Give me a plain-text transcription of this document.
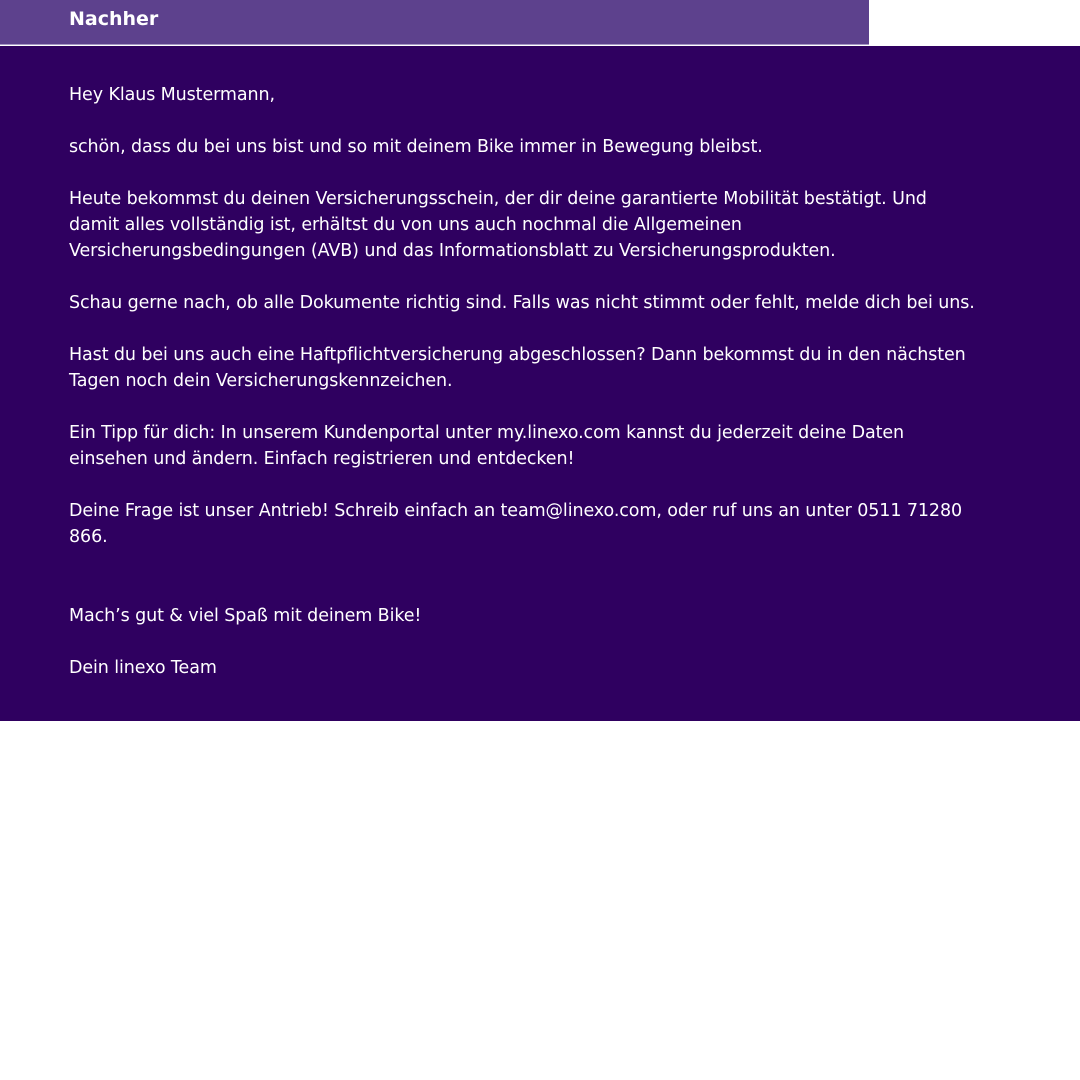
Nachher

Hey Klaus Mustermann,

schön, dass du bei uns bist und so mit deinem Bike immer in Bewegung bleibst.

Heute bekommst du deinen Versicherungsschein, der dir deine garantierte Mobilität bestätigt. Und damit alles vollständig ist, erhältst du von uns auch nochmal die Allgemeinen Versicherungsbedingungen (AVB) und das Informationsblatt zu Versicherungsprodukten.

Schau gerne nach, ob alle Dokumente richtig sind. Falls was nicht stimmt oder fehlt, melde dich bei uns.

Hast du bei uns auch eine Haftpflichtversicherung abgeschlossen? Dann bekommst du in den nächsten Tagen noch dein Versicherungskennzeichen.

Ein Tipp für dich: In unserem Kundenportal unter my.linexo.com kannst du jederzeit deine Daten einsehen und ändern. Einfach registrieren und entdecken!

Deine Frage ist unser Antrieb! Schreib einfach an team@linexo.com, oder ruf uns an unter 0511 71280 866.

Mach’s gut & viel Spaß mit deinem Bike!

Dein linexo Team
